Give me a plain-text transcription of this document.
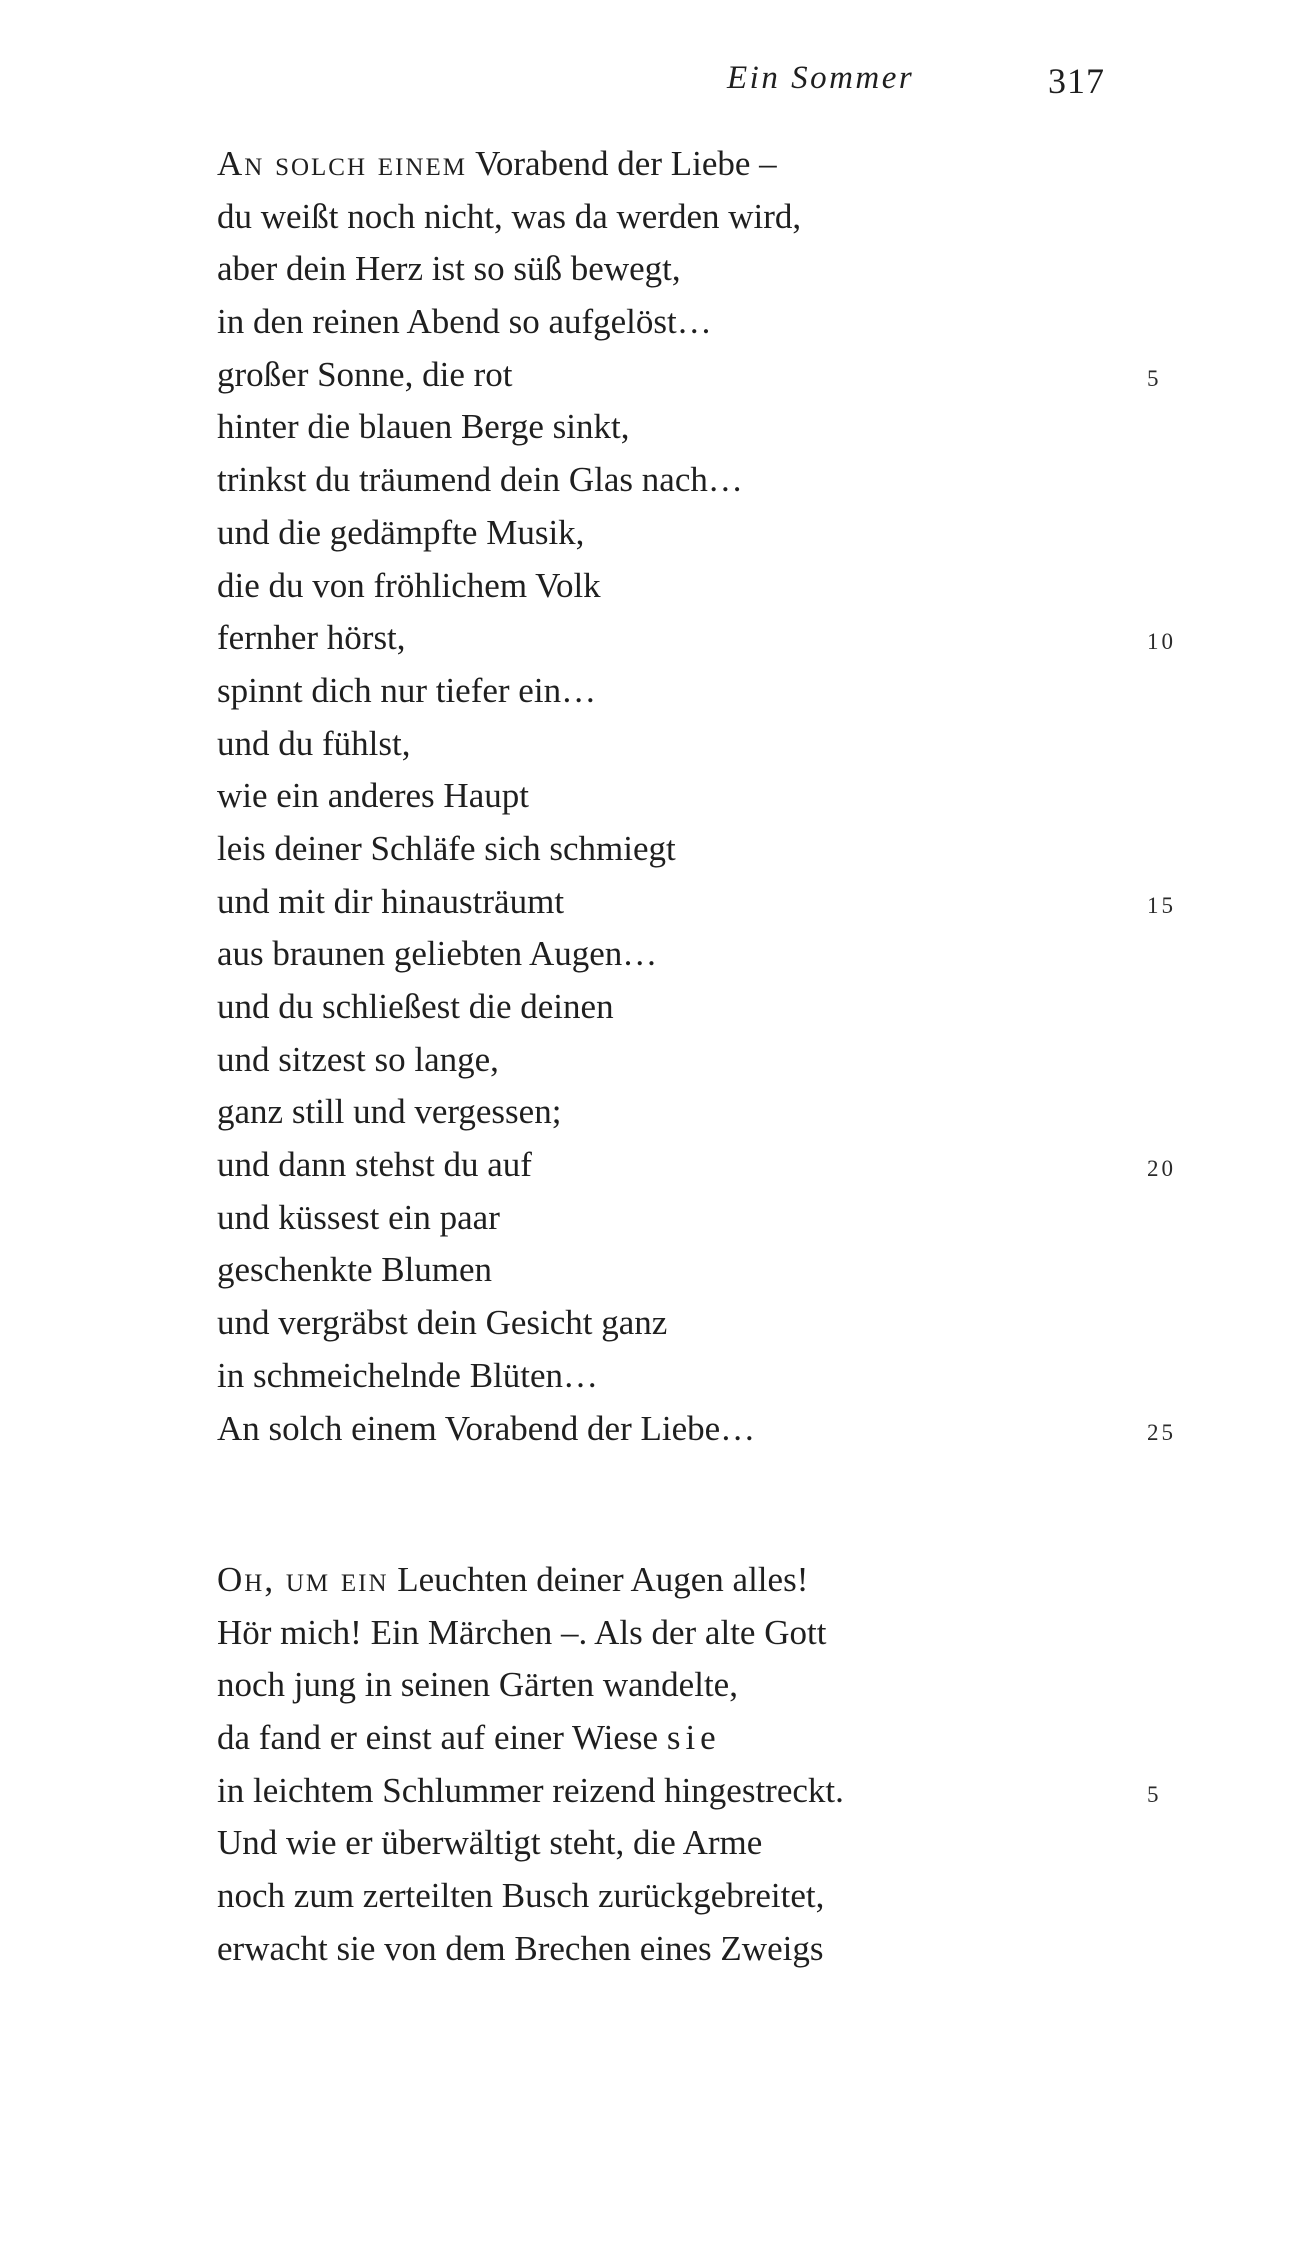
Ein Sommer	317
An solch einem Vorabend der Liebe –
du weißt noch nicht, was da werden wird,
aber dein Herz ist so süß bewegt,
in den reinen Abend so aufgelöst…
großer Sonne, die rot	5
hinter die blauen Berge sinkt,
trinkst du träumend dein Glas nach…
und die gedämpfte Musik,
die du von fröhlichem Volk
fernher hörst,	10
spinnt dich nur tiefer ein…
und du fühlst,
wie ein anderes Haupt
leis deiner Schläfe sich schmiegt
und mit dir hinausträumt	15
aus braunen geliebten Augen…
und du schließest die deinen
und sitzest so lange,
ganz still und vergessen;
und dann stehst du auf	20
und küssest ein paar
geschenkte Blumen
und vergräbst dein Gesicht ganz
in schmeichelnde Blüten…
An solch einem Vorabend der Liebe…	25
Oh, um ein Leuchten deiner Augen alles!
Hör mich! Ein Märchen –. Als der alte Gott
noch jung in seinen Gärten wandelte,
da fand er einst auf einer Wiese sie
in leichtem Schlummer reizend hingestreckt.	5
Und wie er überwältigt steht, die Arme
noch zum zerteilten Busch zurückgebreitet,
erwacht sie von dem Brechen eines Zweigs
